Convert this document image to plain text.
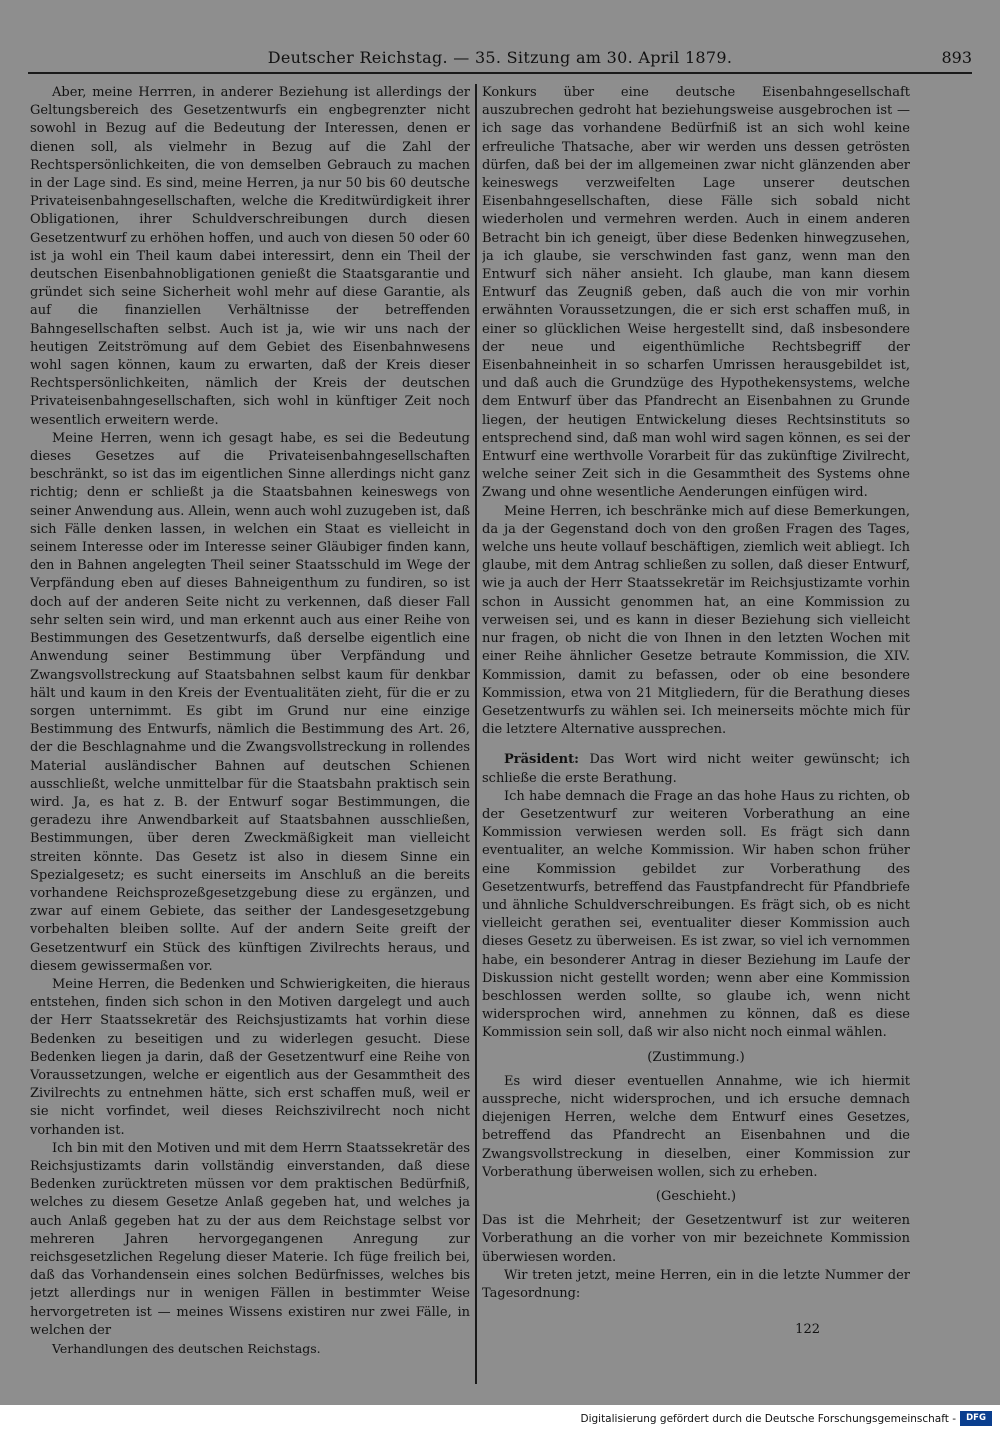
Deutscher Reichstag. — 35. Sitzung am 30. April 1879.	893

Aber, meine Herrren, in anderer Beziehung ist allerdings der Geltungsbereich des Gesetzentwurfs ein engbegrenzter nicht sowohl in Bezug auf die Bedeutung der Interessen, denen er dienen soll, als vielmehr in Bezug auf die Zahl der Rechtspersönlichkeiten, die von demselben Gebrauch zu machen in der Lage sind. Es sind, meine Herren, ja nur 50 bis 60 deutsche Privateisenbahngesellschaften, welche die Kreditwürdigkeit ihrer Obligationen, ihrer Schuldverschreibungen durch diesen Gesetzentwurf zu erhöhen hoffen, und auch von diesen 50 oder 60 ist ja wohl ein Theil kaum dabei interessirt, denn ein Theil der deutschen Eisenbahnobligationen genießt die Staatsgarantie und gründet sich seine Sicherheit wohl mehr auf diese Garantie, als auf die finanziellen Verhältnisse der betreffenden Bahngesellschaften selbst. Auch ist ja, wie wir uns nach der heutigen Zeitströmung auf dem Gebiet des Eisenbahnwesens wohl sagen können, kaum zu erwarten, daß der Kreis dieser Rechtspersönlichkeiten, nämlich der Kreis der deutschen Privateisenbahngesellschaften, sich wohl in künftiger Zeit noch wesentlich erweitern werde.

Meine Herren, wenn ich gesagt habe, es sei die Bedeutung dieses Gesetzes auf die Privateisenbahngesellschaften beschränkt, so ist das im eigentlichen Sinne allerdings nicht ganz richtig; denn er schließt ja die Staatsbahnen keineswegs von seiner Anwendung aus. Allein, wenn auch wohl zuzugeben ist, daß sich Fälle denken lassen, in welchen ein Staat es vielleicht in seinem Interesse oder im Interesse seiner Gläubiger finden kann, den in Bahnen angelegten Theil seiner Staatsschuld im Wege der Verpfändung eben auf dieses Bahneigenthum zu fundiren, so ist doch auf der anderen Seite nicht zu verkennen, daß dieser Fall sehr selten sein wird, und man erkennt auch aus einer Reihe von Bestimmungen des Gesetzentwurfs, daß derselbe eigentlich eine Anwendung seiner Bestimmung über Verpfändung und Zwangsvollstreckung auf Staatsbahnen selbst kaum für denkbar hält und kaum in den Kreis der Eventualitäten zieht, für die er zu sorgen unternimmt. Es gibt im Grund nur eine einzige Bestimmung des Entwurfs, nämlich die Bestimmung des Art. 26, der die Beschlagnahme und die Zwangsvollstreckung in rollendes Material ausländischer Bahnen auf deutschen Schienen ausschließt, welche unmittelbar für die Staatsbahn praktisch sein wird. Ja, es hat z. B. der Entwurf sogar Bestimmungen, die geradezu ihre Anwendbarkeit auf Staatsbahnen ausschließen, Bestimmungen, über deren Zweckmäßigkeit man vielleicht streiten könnte. Das Gesetz ist also in diesem Sinne ein Spezialgesetz; es sucht einerseits im Anschluß an die bereits vorhandene Reichsprozeßgesetzgebung diese zu ergänzen, und zwar auf einem Gebiete, das seither der Landesgesetzgebung vorbehalten bleiben sollte. Auf der andern Seite greift der Gesetzentwurf ein Stück des künftigen Zivilrechts heraus, und diesem gewissermaßen vor.

Meine Herren, die Bedenken und Schwierigkeiten, die hieraus entstehen, finden sich schon in den Motiven dargelegt und auch der Herr Staatssekretär des Reichsjustizamts hat vorhin diese Bedenken zu beseitigen und zu widerlegen gesucht. Diese Bedenken liegen ja darin, daß der Gesetzentwurf eine Reihe von Voraussetzungen, welche er eigentlich aus der Gesammtheit des Zivilrechts zu entnehmen hätte, sich erst schaffen muß, weil er sie nicht vorfindet, weil dieses Reichszivilrecht noch nicht vorhanden ist.

Ich bin mit den Motiven und mit dem Herrn Staatssekretär des Reichsjustizamts darin vollständig einverstanden, daß diese Bedenken zurücktreten müssen vor dem praktischen Bedürfniß, welches zu diesem Gesetze Anlaß gegeben hat, und welches ja auch Anlaß gegeben hat zu der aus dem Reichstage selbst vor mehreren Jahren hervorgegangenen Anregung zur reichsgesetzlichen Regelung dieser Materie. Ich füge freilich bei, daß das Vorhandensein eines solchen Bedürfnisses, welches bis jetzt allerdings nur in wenigen Fällen in bestimmter Weise hervorgetreten ist — meines Wissens existiren nur zwei Fälle, in welchen der

Verhandlungen des deutschen Reichstags.

Konkurs über eine deutsche Eisenbahngesellschaft auszubrechen gedroht hat beziehungsweise ausgebrochen ist — ich sage das vorhandene Bedürfniß ist an sich wohl keine erfreuliche Thatsache, aber wir werden uns dessen getrösten dürfen, daß bei der im allgemeinen zwar nicht glänzenden aber keineswegs verzweifelten Lage unserer deutschen Eisenbahngesellschaften, diese Fälle sich sobald nicht wiederholen und vermehren werden. Auch in einem anderen Betracht bin ich geneigt, über diese Bedenken hinwegzusehen, ja ich glaube, sie verschwinden fast ganz, wenn man den Entwurf sich näher ansieht. Ich glaube, man kann diesem Entwurf das Zeugniß geben, daß auch die von mir vorhin erwähnten Voraussetzungen, die er sich erst schaffen muß, in einer so glücklichen Weise hergestellt sind, daß insbesondere der neue und eigenthümliche Rechtsbegriff der Eisenbahneinheit in so scharfen Umrissen herausgebildet ist, und daß auch die Grundzüge des Hypothekensystems, welche dem Entwurf über das Pfandrecht an Eisenbahnen zu Grunde liegen, der heutigen Entwickelung dieses Rechtsinstituts so entsprechend sind, daß man wohl wird sagen können, es sei der Entwurf eine werthvolle Vorarbeit für das zukünftige Zivilrecht, welche seiner Zeit sich in die Gesammtheit des Systems ohne Zwang und ohne wesentliche Aenderungen einfügen wird.

Meine Herren, ich beschränke mich auf diese Bemerkungen, da ja der Gegenstand doch von den großen Fragen des Tages, welche uns heute vollauf beschäftigen, ziemlich weit abliegt. Ich glaube, mit dem Antrag schließen zu sollen, daß dieser Entwurf, wie ja auch der Herr Staatssekretär im Reichsjustizamte vorhin schon in Aussicht genommen hat, an eine Kommission zu verweisen sei, und es kann in dieser Beziehung sich vielleicht nur fragen, ob nicht die von Ihnen in den letzten Wochen mit einer Reihe ähnlicher Gesetze betraute Kommission, die XIV. Kommission, damit zu befassen, oder ob eine besondere Kommission, etwa von 21 Mitgliedern, für die Berathung dieses Gesetzentwurfs zu wählen sei. Ich meinerseits möchte mich für die letztere Alternative aussprechen.

Präsident: Das Wort wird nicht weiter gewünscht; ich schließe die erste Berathung.

Ich habe demnach die Frage an das hohe Haus zu richten, ob der Gesetzentwurf zur weiteren Vorberathung an eine Kommission verwiesen werden soll. Es frägt sich dann eventualiter, an welche Kommission. Wir haben schon früher eine Kommission gebildet zur Vorberathung des Gesetzentwurfs, betreffend das Faustpfandrecht für Pfandbriefe und ähnliche Schuldverschreibungen. Es frägt sich, ob es nicht vielleicht gerathen sei, eventualiter dieser Kommission auch dieses Gesetz zu überweisen. Es ist zwar, so viel ich vernommen habe, ein besonderer Antrag in dieser Beziehung im Laufe der Diskussion nicht gestellt worden; wenn aber eine Kommission beschlossen werden sollte, so glaube ich, wenn nicht widersprochen wird, annehmen zu können, daß es diese Kommission sein soll, daß wir also nicht noch einmal wählen.

(Zustimmung.)

Es wird dieser eventuellen Annahme, wie ich hiermit ausspreche, nicht widersprochen, und ich ersuche demnach diejenigen Herren, welche dem Entwurf eines Gesetzes, betreffend das Pfandrecht an Eisenbahnen und die Zwangsvollstreckung in dieselben, einer Kommission zur Vorberathung überweisen wollen, sich zu erheben.

(Geschieht.)

Das ist die Mehrheit; der Gesetzentwurf ist zur weiteren Vorberathung an die vorher von mir bezeichnete Kommission überwiesen worden.

Wir treten jetzt, meine Herren, ein in die letzte Nummer der Tagesordnung:

122
Digitalisierung gefördert durch die Deutsche Forschungsgemeinschaft -	DFG
